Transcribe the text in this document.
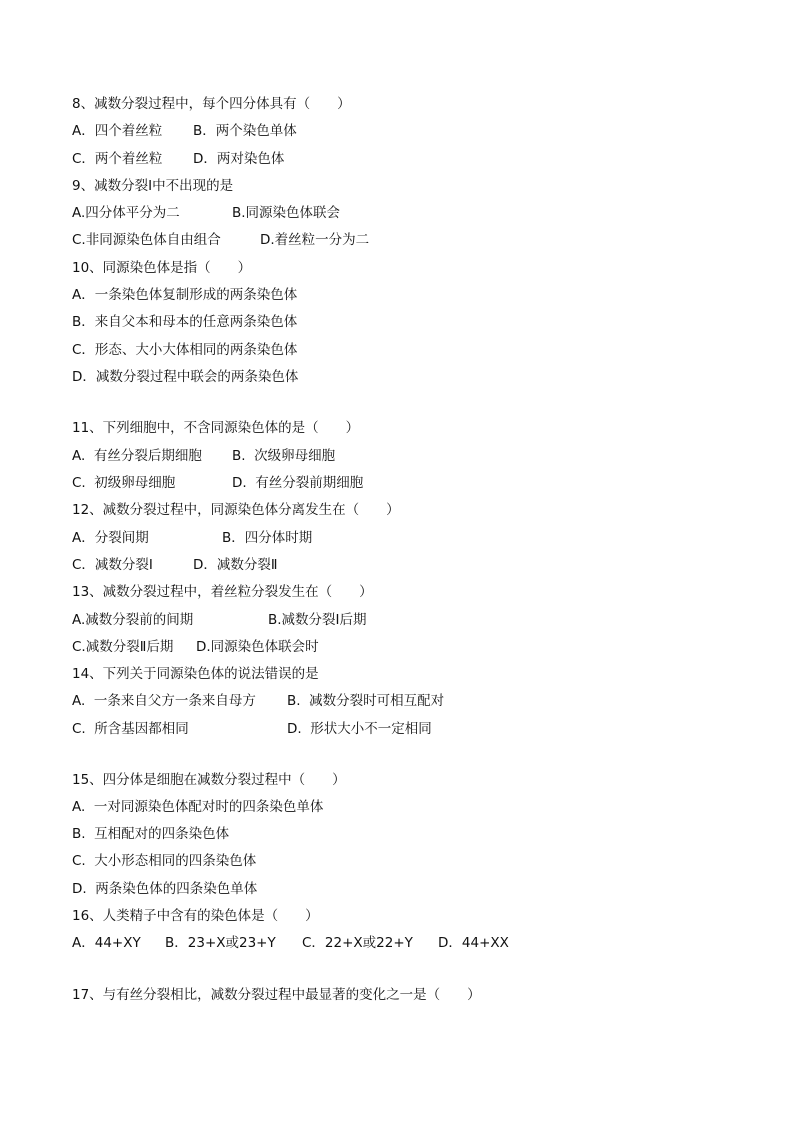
8、减数分裂过程中，每个四分体具有（　　）
A．四个着丝粒 B．两个染色单体
C．两个着丝粒 D．两对染色体
9、减数分裂Ⅰ中不出现的是
A.四分体平分为二	B.同源染色体联会
C.非同源染色体自由组合	D.着丝粒一分为二
10、同源染色体是指（　　）
A．一条染色体复制形成的两条染色体
B．来自父本和母本的任意两条染色体
C．形态、大小大体相同的两条染色体
D．减数分裂过程中联会的两条染色体
11、下列细胞中，不含同源染色体的是（　　）
A.  有丝分裂后期细胞 B.  次级卵母细胞
C.  初级卵母细胞	D.  有丝分裂前期细胞
12、减数分裂过程中，同源染色体分离发生在（　　）
A．分裂间期	B．四分体时期
C．减数分裂Ⅰ	D．减数分裂Ⅱ
13、减数分裂过程中，着丝粒分裂发生在（　　）
A.减数分裂前的间期	B.减数分裂Ⅰ后期
C.减数分裂Ⅱ后期 D.同源染色体联会时
14、下列关于同源染色体的说法错误的是
A.  一条来自父方一条来自母方 B.  减数分裂时可相互配对
C.  所含基因都相同	D.  形状大小不一定相同
15、四分体是细胞在减数分裂过程中（　　）
A.  一对同源染色体配对时的四条染色单体
B.  互相配对的四条染色体
C.  大小形态相同的四条染色体
D.  两条染色体的四条染色单体
16、人类精子中含有的染色体是（　　）
A．44+XY B．23+X或23+Y C．22+X或22+Y D．44+XX
17、与有丝分裂相比，减数分裂过程中最显著的变化之一是（　　）
